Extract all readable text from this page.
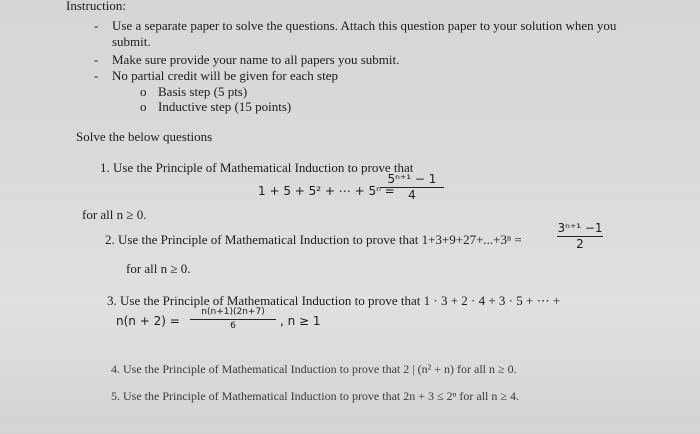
Instruction:
- Use a separate paper to solve the questions. Attach this question paper to your solution when you
submit.
- Make sure provide your name to all papers you submit.
- No partial credit will be given for each step
o Basis step (5 pts)
o Inductive step (15 points)
Solve the below questions
1. Use the Principle of Mathematical Induction to prove that
1 + 5 + 5² + ⋯ + 5ⁿ =
5ⁿ⁺¹ − 1
4
for all n ≥ 0.
2. Use the Principle of Mathematical Induction to prove that 1+3+9+27+...+3ⁿ =
3ⁿ⁺¹ −1
2
for all n ≥ 0.
3. Use the Principle of Mathematical Induction to prove that 1 · 3 + 2 · 4 + 3 · 5 + ⋯ +
n(n + 2) =
n(n+1)(2n+7)
6	, n ≥ 1
4. Use the Principle of Mathematical Induction to prove that 2 | (n² + n) for all n ≥ 0.
5. Use the Principle of Mathematical Induction to prove that 2n + 3 ≤ 2ⁿ for all n ≥ 4.
